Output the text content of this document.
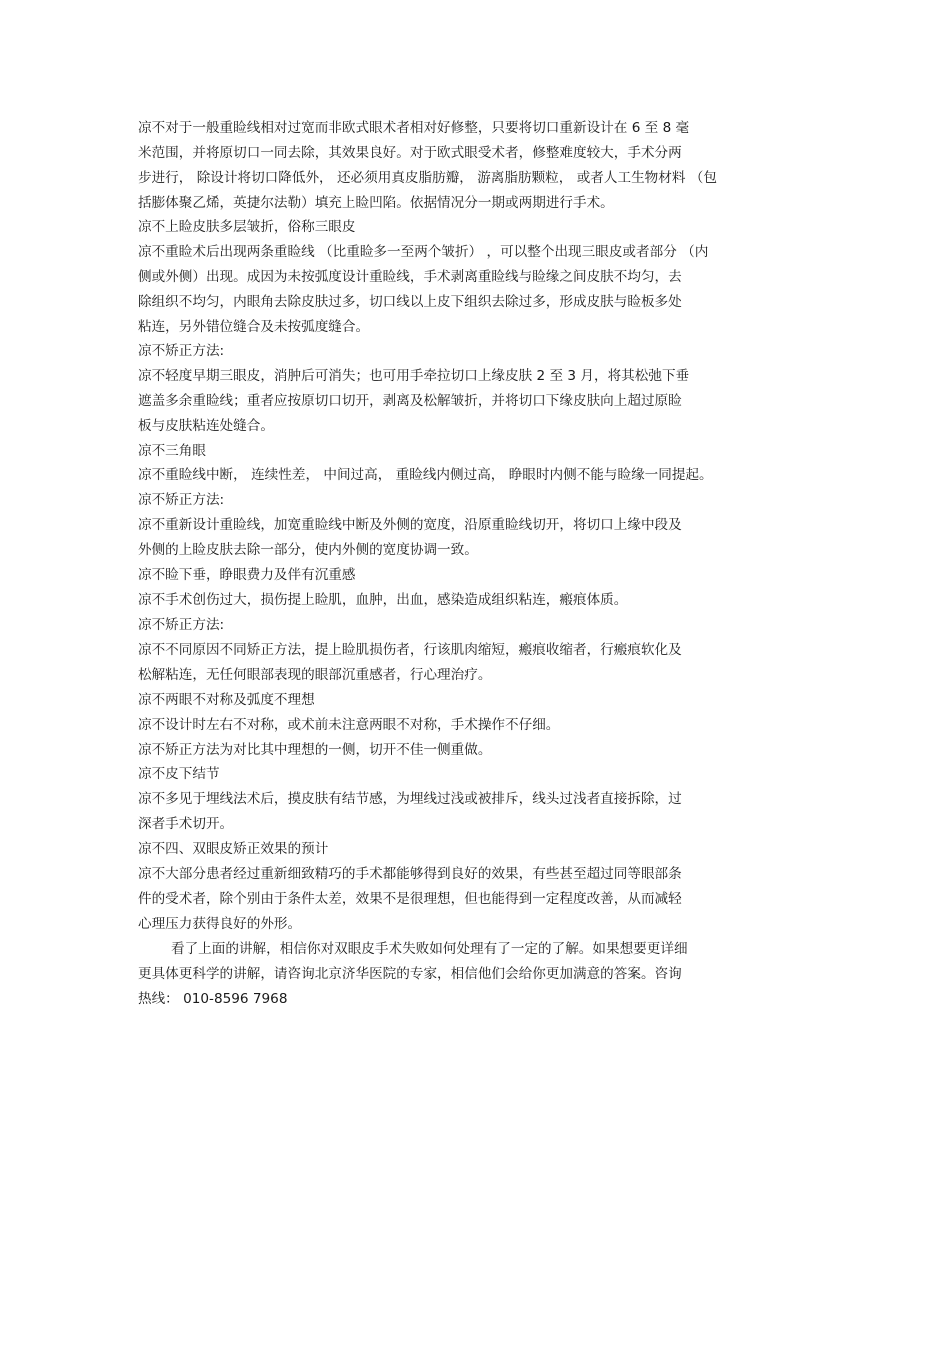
凉不对于一般重睑线相对过宽而非欧式眼术者相对好修整，只要将切口重新设计在 6 至 8 毫
米范围，并将原切口一同去除，其效果良好。对于欧式眼受术者，修整难度较大，手术分两
步进行， 除设计将切口降低外， 还必须用真皮脂肪瓣， 游离脂肪颗粒， 或者人工生物材料 （包
括膨体聚乙烯，英捷尔法勒）填充上睑凹陷。依据情况分一期或两期进行手术。
凉不上睑皮肤多层皱折，俗称三眼皮
凉不重睑术后出现两条重睑线 （比重睑多一至两个皱折） ，可以整个出现三眼皮或者部分 （内
侧或外侧）出现。成因为未按弧度设计重睑线，手术剥离重睑线与睑缘之间皮肤不均匀，去
除组织不均匀，内眼角去除皮肤过多，切口线以上皮下组织去除过多，形成皮肤与睑板多处
粘连，另外错位缝合及未按弧度缝合。
凉不矫正方法:
凉不轻度早期三眼皮，消肿后可消失；也可用手牵拉切口上缘皮肤 2 至 3 月，将其松弛下垂
遮盖多余重睑线；重者应按原切口切开，剥离及松解皱折，并将切口下缘皮肤向上超过原睑
板与皮肤粘连处缝合。
凉不三角眼
凉不重睑线中断， 连续性差， 中间过高， 重睑线内侧过高， 睁眼时内侧不能与睑缘一同提起。
凉不矫正方法:
凉不重新设计重睑线，加宽重睑线中断及外侧的宽度，沿原重睑线切开，将切口上缘中段及
外侧的上睑皮肤去除一部分，使内外侧的宽度协调一致。
凉不睑下垂，睁眼费力及伴有沉重感
凉不手术创伤过大，损伤提上睑肌，血肿，出血，感染造成组织粘连，瘢痕体质。
凉不矫正方法:
凉不不同原因不同矫正方法，提上睑肌损伤者，行该肌肉缩短，瘢痕收缩者，行瘢痕软化及
松解粘连，无任何眼部表现的眼部沉重感者，行心理治疗。
凉不两眼不对称及弧度不理想
凉不设计时左右不对称，或术前未注意两眼不对称，手术操作不仔细。
凉不矫正方法为对比其中理想的一侧，切开不佳一侧重做。
凉不皮下结节
凉不多见于埋线法术后，摸皮肤有结节感，为埋线过浅或被排斥，线头过浅者直接拆除，过
深者手术切开。
凉不四、双眼皮矫正效果的预计
凉不大部分患者经过重新细致精巧的手术都能够得到良好的效果，有些甚至超过同等眼部条
件的受术者，除个别由于条件太差，效果不是很理想，但也能得到一定程度改善，从而减轻
心理压力获得良好的外形。
看了上面的讲解，相信你对双眼皮手术失败如何处理有了一定的了解。如果想要更详细
更具体更科学的讲解，请咨询北京济华医院的专家，相信他们会给你更加满意的答案。咨询
热线： 010-8596 7968
